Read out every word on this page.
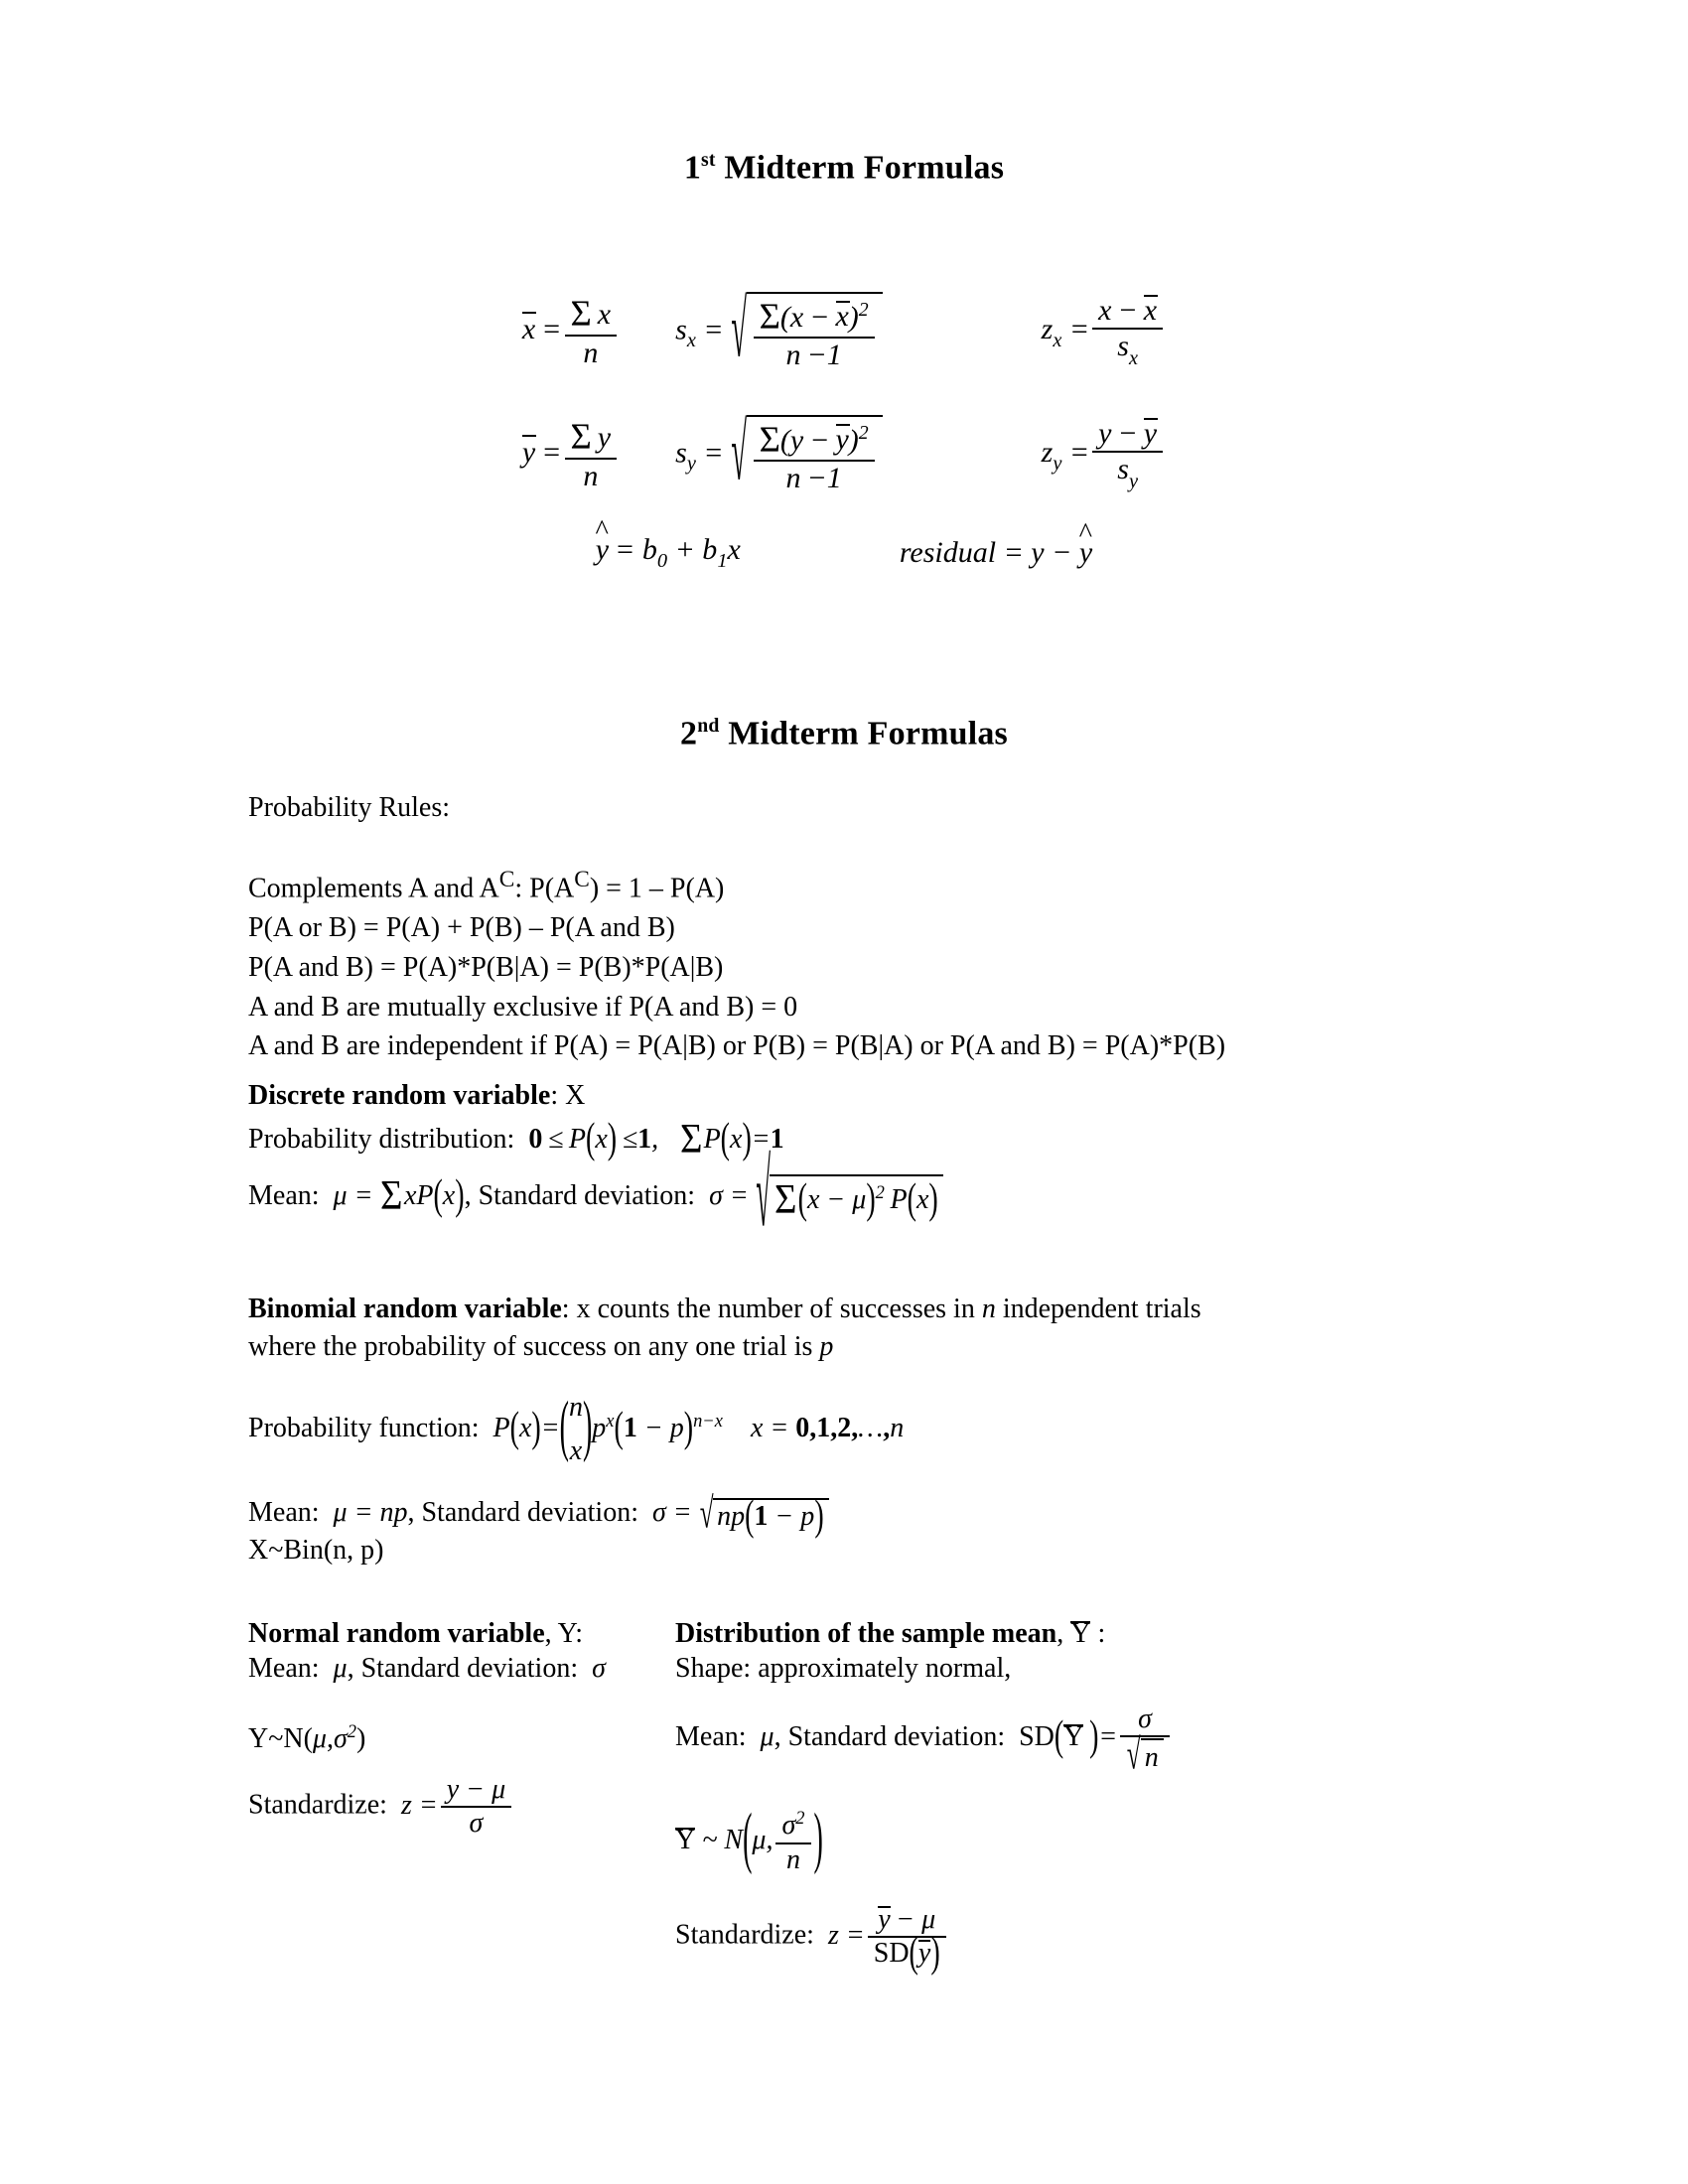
1st Midterm Formulas
$x = \frac{\text{Σ x}}{n}$ sx = √ $\frac{\Sigma(x - x)^2}{n -1}$	zx = $\frac{x - x}{sx}$
$y = \frac{\text{Σ y}}{n}$ sy = √ $\frac{\Sigma(y - y)^2}{n -1}$	zy = $\frac{y - y}{sy}$
^ y = b0 + b1x	residual = y − ^ y
2nd Midterm Formulas
Probability Rules:
Complements A and $A^C$: $P(A^C) = 1 - P(A)$
P(A or B) = P(A) + P(B) – P(A and B)
P(A and B) = P(A)*P(B|A) = P(B)*P(A|B)
A and B are mutually exclusive if P(A and B) = 0
A and B are independent if P(A) = P(A|B) or P(B) = P(B|A) or P(A and B) = P(A)*P(B)
Discrete random variable: X
Probability distribution: 0 ≤ P(x) ≤1, ΣP(x)=1
Mean:  μ = ΣxP(x), Standard deviation:  σ = √ $\Sigma(x - \mu)^2$ P(x)
Binomial random variable: x counts the number of successes in n independent trials
where the probability of success on any one trial is p
Probability function:  P(x)=( n
x )$p^x(1 - p)^{n-x}$    x = 0,1,2,…,n
Mean:  μ = np, Standard deviation:  σ = √ np(1 − p)
X~Bin(n, p)
Normal random variable, Y:
Mean:  μ, Standard deviation:  σ
$Y\sim N(\mu,\sigma^2)$
Standardize:  $z = \frac{y - \mu}{\sigma}$
Distribution of the sample mean, Y :
Shape: approximately normal,
Mean:  μ, Standard deviation: SD(Y  )= $\frac{\sigma}{√ n}$
Y ~ N(μ, $\frac{\sigma^2}{n}$ )
Standardize:  $z = \frac{y - \mu}{SD(y)}$
